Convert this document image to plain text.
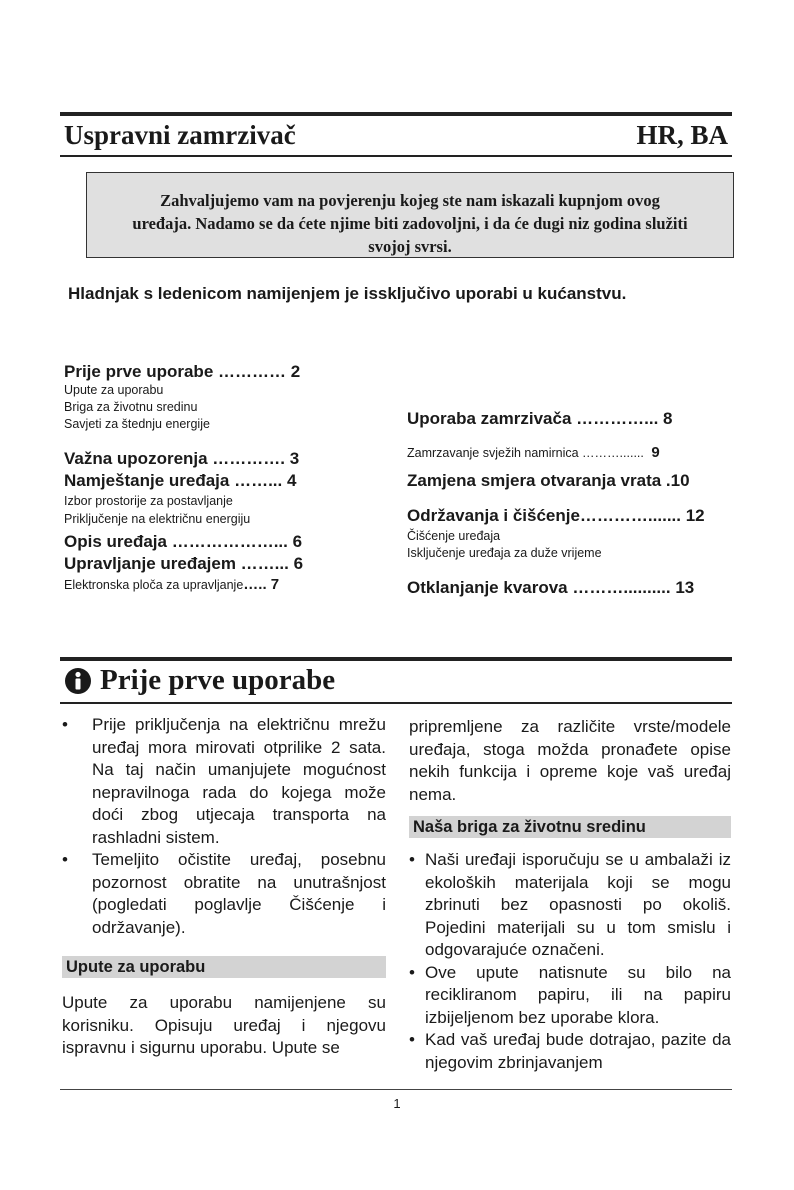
Uspravni zamrzivač	HR, BA
Zahvaljujemo vam na povjerenju kojeg ste nam iskazali kupnjom ovog
uređaja. Nadamo se da ćete njime biti zadovoljni, i da će dugi niz godina služiti
svojoj svrsi.
Hladnjak s ledenicom namijenjem je issključivo uporabi u kućanstvu.
Prije prve uporabe ………… 2
Upute za uporabu
Briga za životnu sredinu
Savjeti za štednju energije
Važna upozorenja …………. 3
Namještanje uređaja ……... 4
Izbor prostorije za postavljanje
Priključenje na električnu energiju
Opis uređaja ………………... 6
Upravljanje uređajem ……... 6
Elektronska ploča za upravljanje….. 7
Uporaba zamrzivača …………... 8
Zamrzavanje svježih namirnica ………....... 9
Zamjena smjera otvaranja vrata .10
Održavanja i čišćenje…………....... 12
Čišćenje uređaja
Isključenje uređaja za duže vrijeme
Otklanjanje kvarova ……….......... 13
Prije prve uporabe
• Prije priključenja na električnu mrežu uređaj mora mirovati otprilike 2 sata. Na taj način umanjujete mogućnost nepravilnoga rada do kojega može doći zbog utjecaja transporta na rashladni sistem.
• Temeljito očistite uređaj, posebnu pozornost obratite na unutrašnjost (pogledati poglavlje Čišćenje i održavanje).
Upute za uporabu

Upute za uporabu namijenjene su korisniku. Opisuju uređaj i njegovu ispravnu i sigurnu uporabu. Upute se

pripremljene za različite vrste/modele uređaja, stoga možda pronađete opise nekih funkcija i opreme koje vaš uređaj nema.

Naša briga za životnu sredinu
• Naši uređaji isporučuju se u ambalaži iz ekoloških materijala koji se mogu zbrinuti bez opasnosti po okoliš. Pojedini materijali su u tom smislu i odgovarajuće označeni.
• Ove upute natisnute su bilo na recikliranom papiru, ili na papiru izbijeljenom bez uporabe klora.
• Kad vaš uređaj bude dotrajao, pazite da njegovim zbrinjavanjem
1
